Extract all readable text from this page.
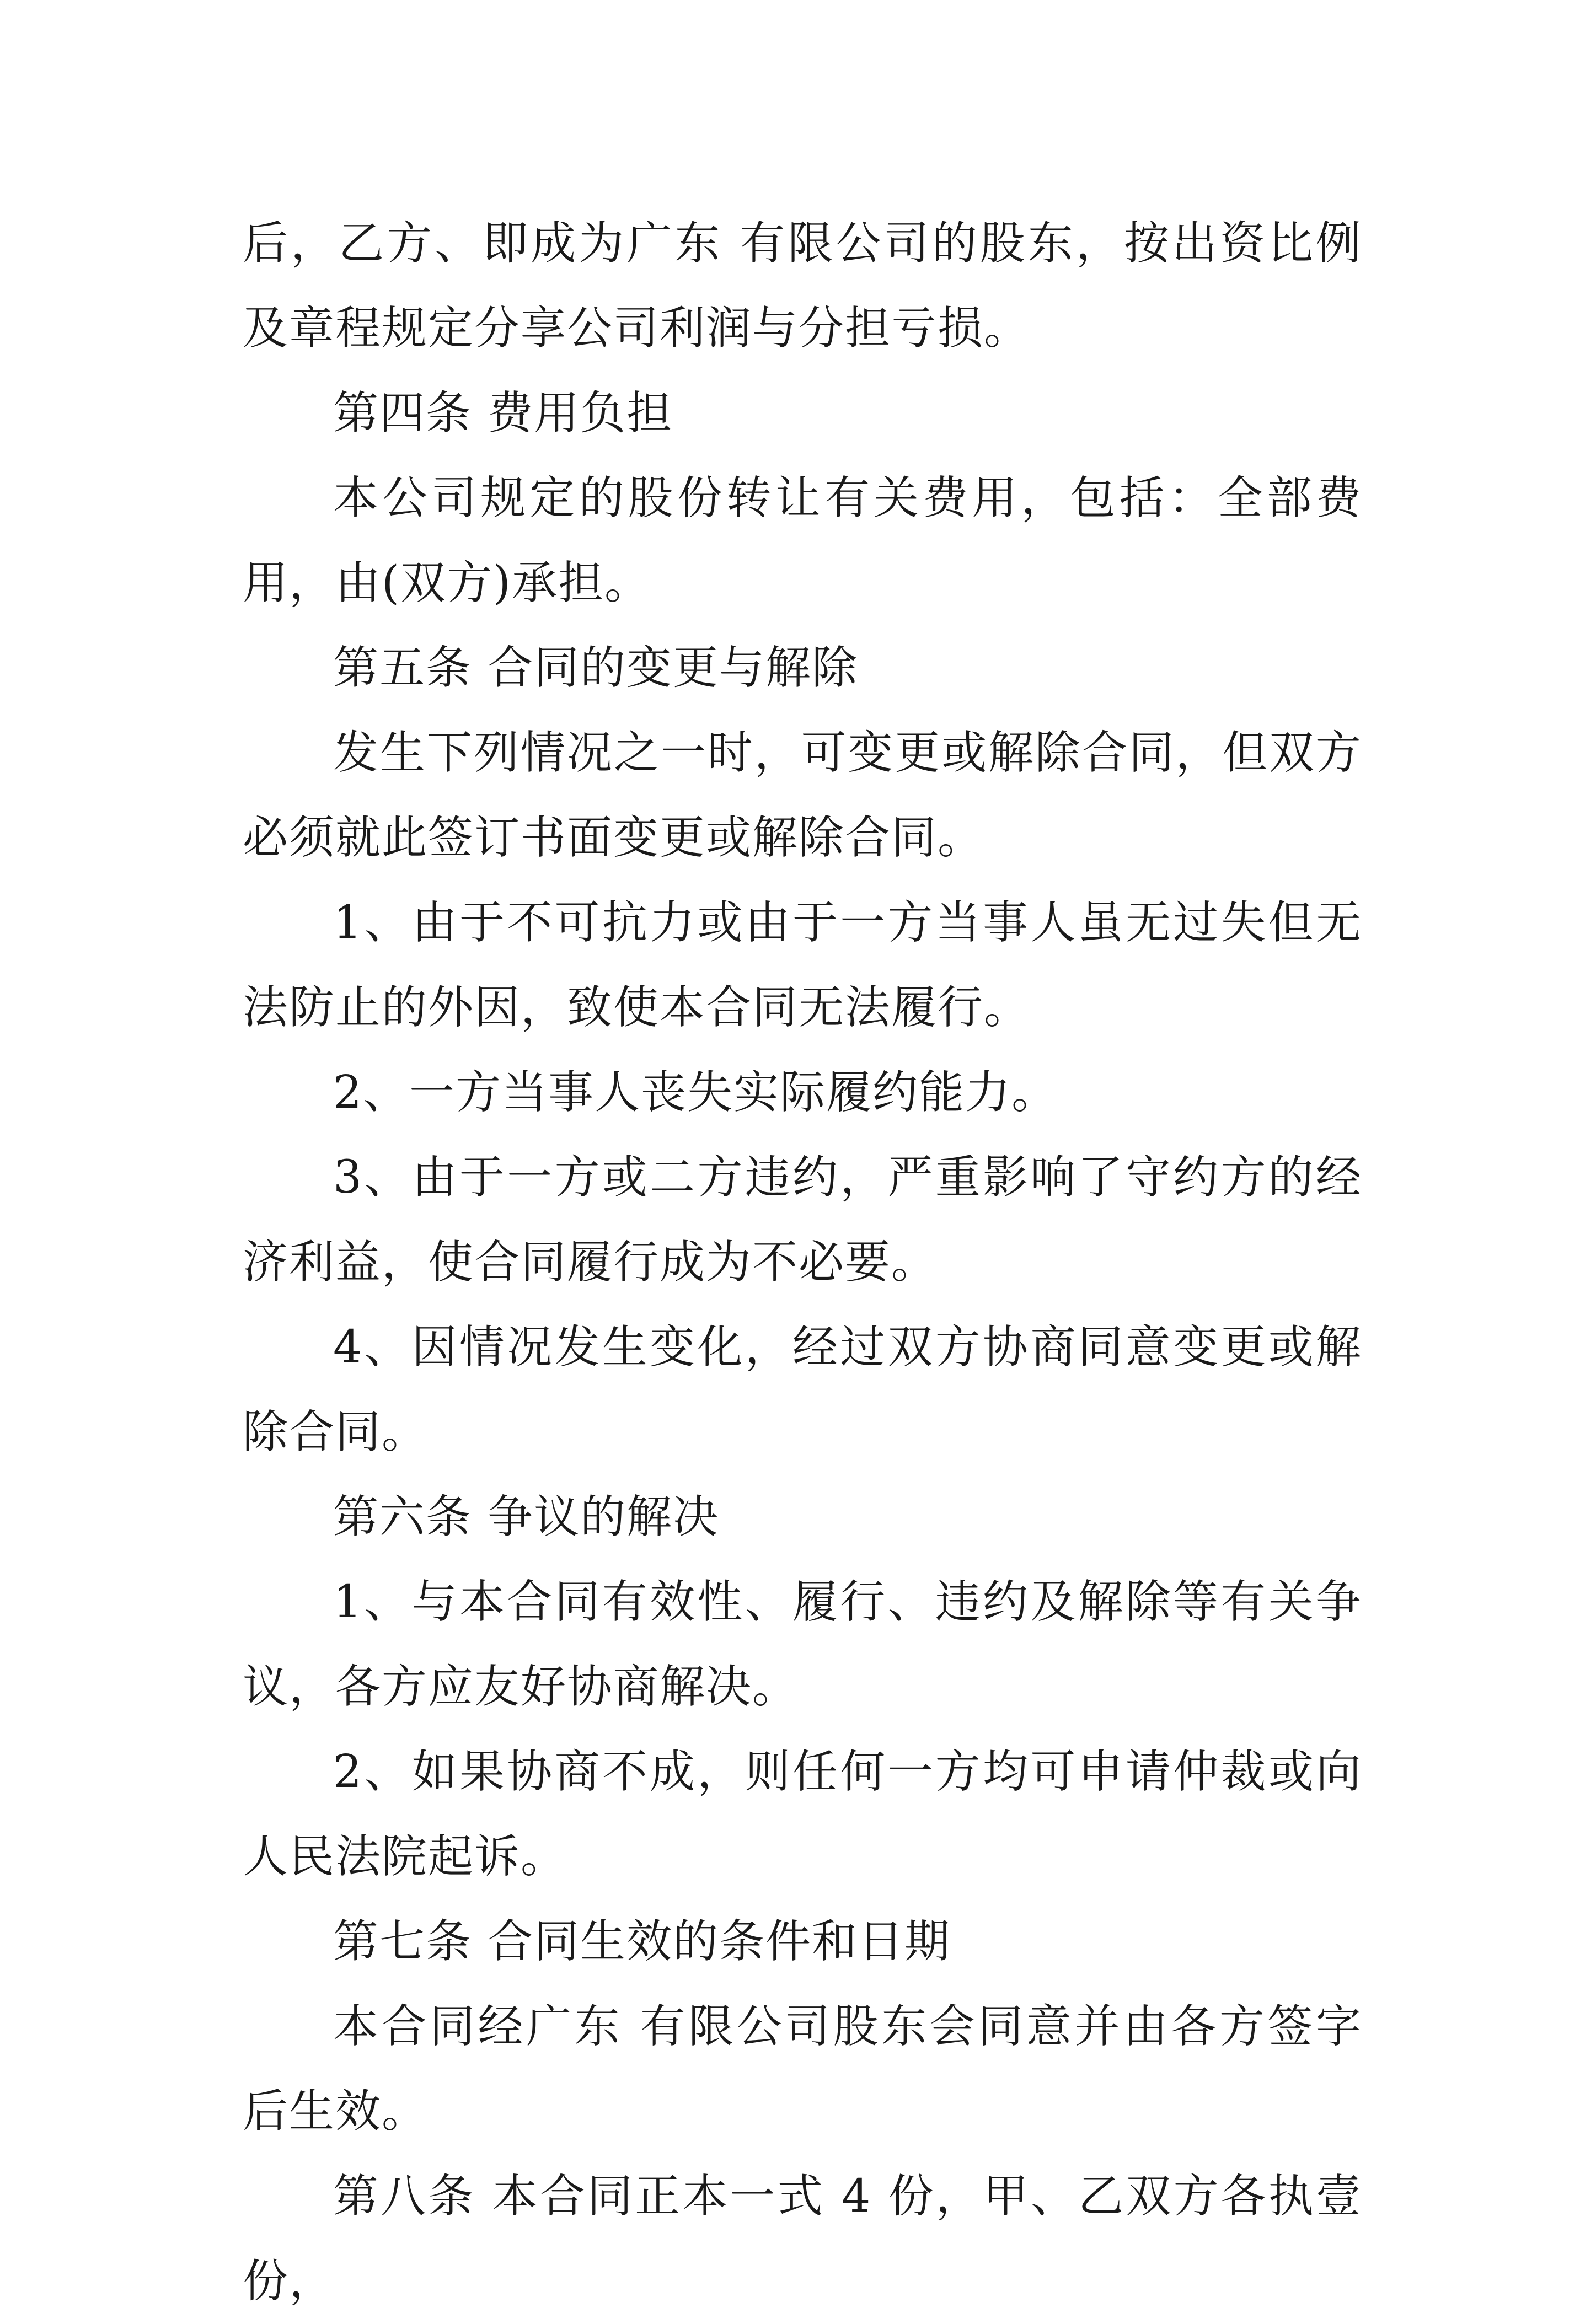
后，乙方、即成为广东 有限公司的股东，按出资比例及章程规定分享公司利润与分担亏损。

第四条 费用负担

本公司规定的股份转让有关费用，包括：全部费用，由(双方)承担。

第五条 合同的变更与解除

发生下列情况之一时，可变更或解除合同，但双方必须就此签订书面变更或解除合同。

1、由于不可抗力或由于一方当事人虽无过失但无法防止的外因，致使本合同无法履行。

2、一方当事人丧失实际履约能力。

3、由于一方或二方违约，严重影响了守约方的经济利益，使合同履行成为不必要。

4、因情况发生变化，经过双方协商同意变更或解除合同。

第六条 争议的解决

1、与本合同有效性、履行、违约及解除等有关争议，各方应友好协商解决。

2、如果协商不成，则任何一方均可申请仲裁或向人民法院起诉。

第七条 合同生效的条件和日期

本合同经广东 有限公司股东会同意并由各方签字后生效。

第八条 本合同正本一式 4 份，甲、乙双方各执壹份，
